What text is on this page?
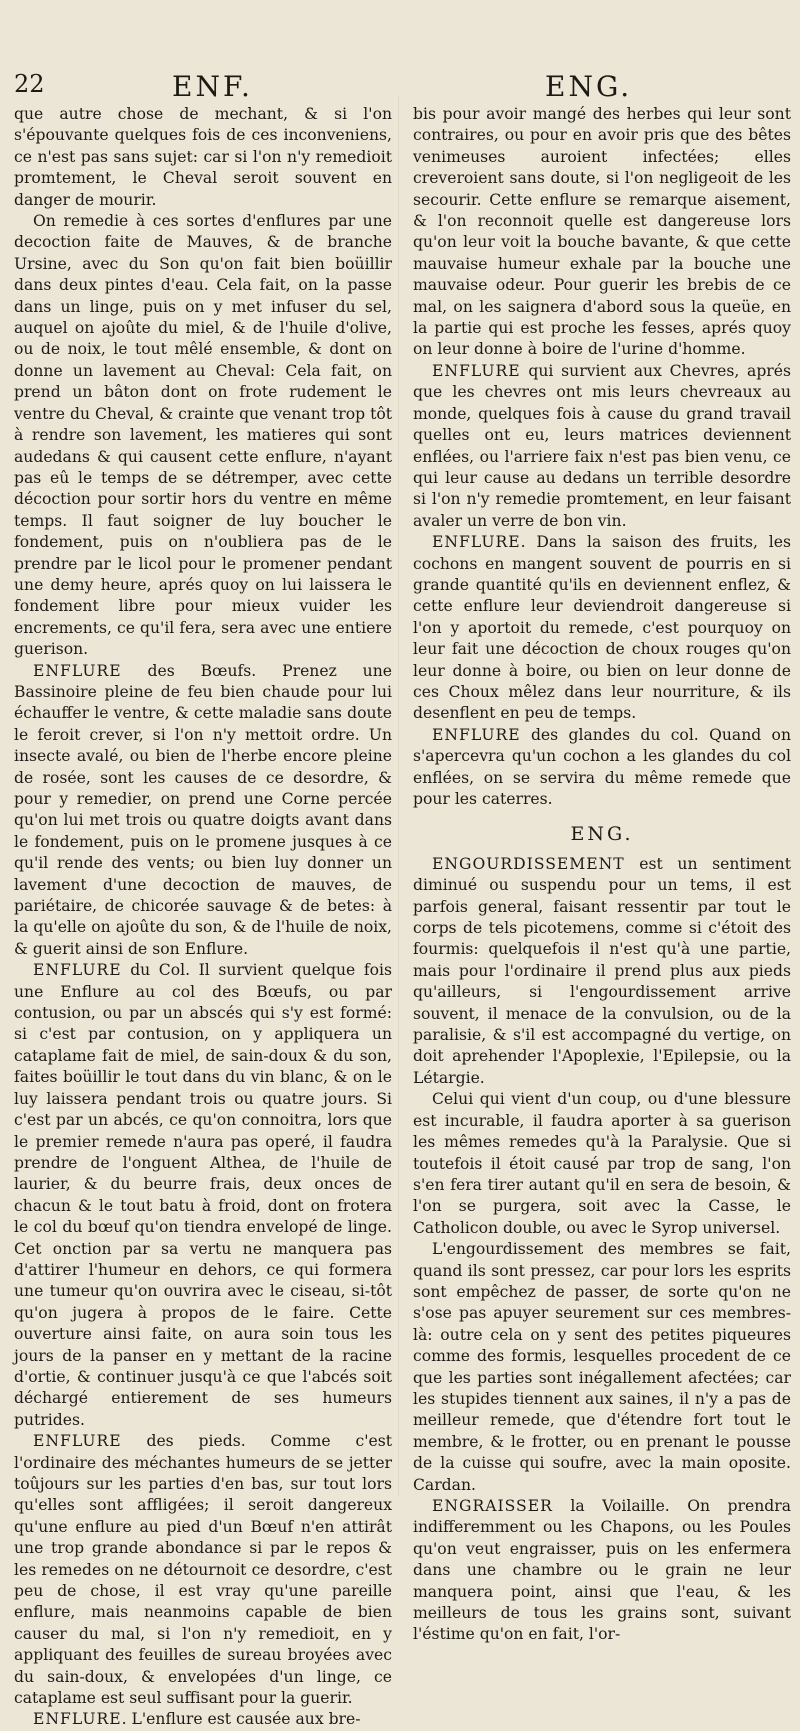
22	ENF.	ENG.

que autre chose de mechant, & si l'on s'épouvante quelques fois de ces inconveniens, ce n'est pas sans sujet: car si l'on n'y remedioit promtement, le Cheval seroit souvent en danger de mourir.

On remedie à ces sortes d'enflures par une decoction faite de Mauves, & de branche Ursine, avec du Son qu'on fait bien boüillir dans deux pintes d'eau. Cela fait, on la passe dans un linge, puis on y met infuser du sel, auquel on ajoûte du miel, & de l'huile d'olive, ou de noix, le tout mêlé ensemble, & dont on donne un lavement au Cheval: Cela fait, on prend un bâton dont on frote rudement le ventre du Cheval, & crainte que venant trop tôt à rendre son lavement, les matieres qui sont audedans & qui causent cette enflure, n'ayant pas eû le temps de se détremper, avec cette décoction pour sortir hors du ventre en même temps. Il faut soigner de luy boucher le fondement, puis on n'oubliera pas de le prendre par le licol pour le promener pendant une demy heure, aprés quoy on lui laissera le fondement libre pour mieux vuider les encrements, ce qu'il fera, sera avec une entiere guerison.

ENFLURE des Bœufs. Prenez une Bassinoire pleine de feu bien chaude pour lui échauffer le ventre, & cette maladie sans doute le feroit crever, si l'on n'y mettoit ordre. Un insecte avalé, ou bien de l'herbe encore pleine de rosée, sont les causes de ce desordre, & pour y remedier, on prend une Corne percée qu'on lui met trois ou quatre doigts avant dans le fondement, puis on le promene jusques à ce qu'il rende des vents; ou bien luy donner un lavement d'une decoction de mauves, de pariétaire, de chicorée sauvage & de betes: à la qu'elle on ajoûte du son, & de l'huile de noix, & guerit ainsi de son Enflure.

ENFLURE du Col. Il survient quelque fois une Enflure au col des Bœufs, ou par contusion, ou par un abscés qui s'y est formé: si c'est par contusion, on y appliquera un cataplame fait de miel, de sain-doux & du son, faites boüillir le tout dans du vin blanc, & on le luy laissera pendant trois ou quatre jours. Si c'est par un abcés, ce qu'on connoitra, lors que le premier remede n'aura pas operé, il faudra prendre de l'onguent Althea, de l'huile de laurier, & du beurre frais, deux onces de chacun & le tout batu à froid, dont on frotera le col du bœuf qu'on tiendra envelopé de linge. Cet onction par sa vertu ne manquera pas d'attirer l'humeur en dehors, ce qui formera une tumeur qu'on ouvrira avec le ciseau, si-tôt qu'on jugera à propos de le faire. Cette ouverture ainsi faite, on aura soin tous les jours de la panser en y mettant de la racine d'ortie, & continuer jusqu'à ce que l'abcés soit déchargé entierement de ses humeurs putrides.

ENFLURE des pieds. Comme c'est l'ordinaire des méchantes humeurs de se jetter toûjours sur les parties d'en bas, sur tout lors qu'elles sont affligées; il seroit dangereux qu'une enflure au pied d'un Bœuf n'en attirât une trop grande abondance si par le repos & les remedes on ne détournoit ce desordre, c'est peu de chose, il est vray qu'une pareille enflure, mais neanmoins capable de bien causer du mal, si l'on n'y remedioit, en y appliquant des feuilles de sureau broyées avec du sain-doux, & envelopées d'un linge, ce cataplame est seul suffisant pour la guerir.

ENFLURE. L'enflure est causée aux bre-

bis pour avoir mangé des herbes qui leur sont contraires, ou pour en avoir pris que des bêtes venimeuses auroient infectées; elles creveroient sans doute, si l'on negligeoit de les secourir. Cette enflure se remarque aisement, & l'on reconnoit quelle est dangereuse lors qu'on leur voit la bouche bavante, & que cette mauvaise humeur exhale par la bouche une mauvaise odeur. Pour guerir les brebis de ce mal, on les saignera d'abord sous la queüe, en la partie qui est proche les fesses, aprés quoy on leur donne à boire de l'urine d'homme.

ENFLURE qui survient aux Chevres, aprés que les chevres ont mis leurs chevreaux au monde, quelques fois à cause du grand travail quelles ont eu, leurs matrices deviennent enflées, ou l'arriere faix n'est pas bien venu, ce qui leur cause au dedans un terrible desordre si l'on n'y remedie promtement, en leur faisant avaler un verre de bon vin.

ENFLURE. Dans la saison des fruits, les cochons en mangent souvent de pourris en si grande quantité qu'ils en deviennent enflez, & cette enflure leur deviendroit dangereuse si l'on y aportoit du remede, c'est pourquoy on leur fait une décoction de choux rouges qu'on leur donne à boire, ou bien on leur donne de ces Choux mêlez dans leur nourriture, & ils desenflent en peu de temps.

ENFLURE des glandes du col. Quand on s'apercevra qu'un cochon a les glandes du col enflées, on se servira du même remede que pour les caterres.

ENG.

ENGOURDISSEMENT est un sentiment diminué ou suspendu pour un tems, il est parfois general, faisant ressentir par tout le corps de tels picotemens, comme si c'étoit des fourmis: quelquefois il n'est qu'à une partie, mais pour l'ordinaire il prend plus aux pieds qu'ailleurs, si l'engourdissement arrive souvent, il menace de la convulsion, ou de la paralisie, & s'il est accompagné du vertige, on doit aprehender l'Apoplexie, l'Epilepsie, ou la Létargie.

Celui qui vient d'un coup, ou d'une blessure est incurable, il faudra aporter à sa guerison les mêmes remedes qu'à la Paralysie. Que si toutefois il étoit causé par trop de sang, l'on s'en fera tirer autant qu'il en sera de besoin, & l'on se purgera, soit avec la Casse, le Catholicon double, ou avec le Syrop universel.

L'engourdissement des membres se fait, quand ils sont pressez, car pour lors les esprits sont empêchez de passer, de sorte qu'on ne s'ose pas apuyer seurement sur ces membres-là: outre cela on y sent des petites piqueures comme des formis, lesquelles procedent de ce que les parties sont inégallement afectées; car les stupides tiennent aux saines, il n'y a pas de meilleur remede, que d'étendre fort tout le membre, & le frotter, ou en prenant le pousse de la cuisse qui soufre, avec la main oposite. Cardan.

ENGRAISSER la Voilaille. On prendra indifferemment ou les Chapons, ou les Poules qu'on veut engraisser, puis on les enfermera dans une chambre ou le grain ne leur manquera point, ainsi que l'eau, & les meilleurs de tous les grains sont, suivant l'éstime qu'on en fait, l'or-
